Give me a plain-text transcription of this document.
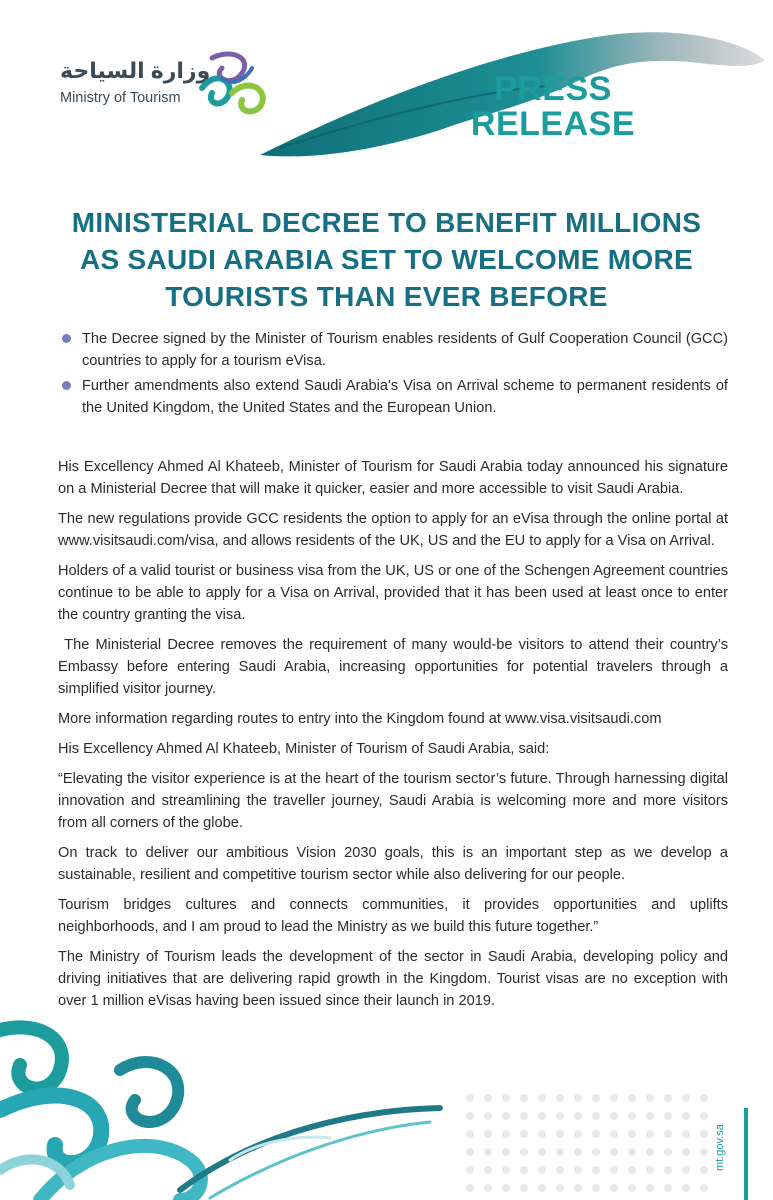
وزارة السياحة
Ministry of Tourism	PRESS
RELEASE
MINISTERIAL DECREE TO BENEFIT MILLIONS
AS SAUDI ARABIA SET TO WELCOME MORE
TOURISTS THAN EVER BEFORE
The Decree signed by the Minister of Tourism enables residents of Gulf Cooperation Council (GCC) countries to apply for a tourism eVisa.
Further amendments also extend Saudi Arabia's Visa on Arrival scheme to permanent residents of the United Kingdom, the United States and the European Union.

His Excellency Ahmed Al Khateeb, Minister of Tourism for Saudi Arabia today announced his signature on a Ministerial Decree that will make it quicker, easier and more accessible to visit Saudi Arabia.

The new regulations provide GCC residents the option to apply for an eVisa through the online portal at www.visitsaudi.com/visa, and allows residents of the UK, US and the EU to apply for a Visa on Arrival.

Holders of a valid tourist or business visa from the UK, US or one of the Schengen Agreement countries continue to be able to apply for a Visa on Arrival, provided that it has been used at least once to enter the country granting the visa.

The Ministerial Decree removes the requirement of many would-be visitors to attend their country’s Embassy before entering Saudi Arabia, increasing opportunities for potential travelers through a simplified visitor journey.

More information regarding routes to entry into the Kingdom found at www.visa.visitsaudi.com

His Excellency Ahmed Al Khateeb, Minister of Tourism of Saudi Arabia, said:

“Elevating the visitor experience is at the heart of the tourism sector’s future. Through harnessing digital innovation and streamlining the traveller journey, Saudi Arabia is welcoming more and more visitors from all corners of the globe.

On track to deliver our ambitious Vision 2030 goals, this is an important step as we develop a sustainable, resilient and competitive tourism sector while also delivering for our people.

Tourism bridges cultures and connects communities, it provides opportunities and uplifts neighborhoods, and I am proud to lead the Ministry as we build this future together.”

The Ministry of Tourism leads the development of the sector in Saudi Arabia, developing policy and driving initiatives that are delivering rapid growth in the Kingdom. Tourist visas are no exception with over 1 million eVisas having been issued since their launch in 2019.

mt.gov.sa
